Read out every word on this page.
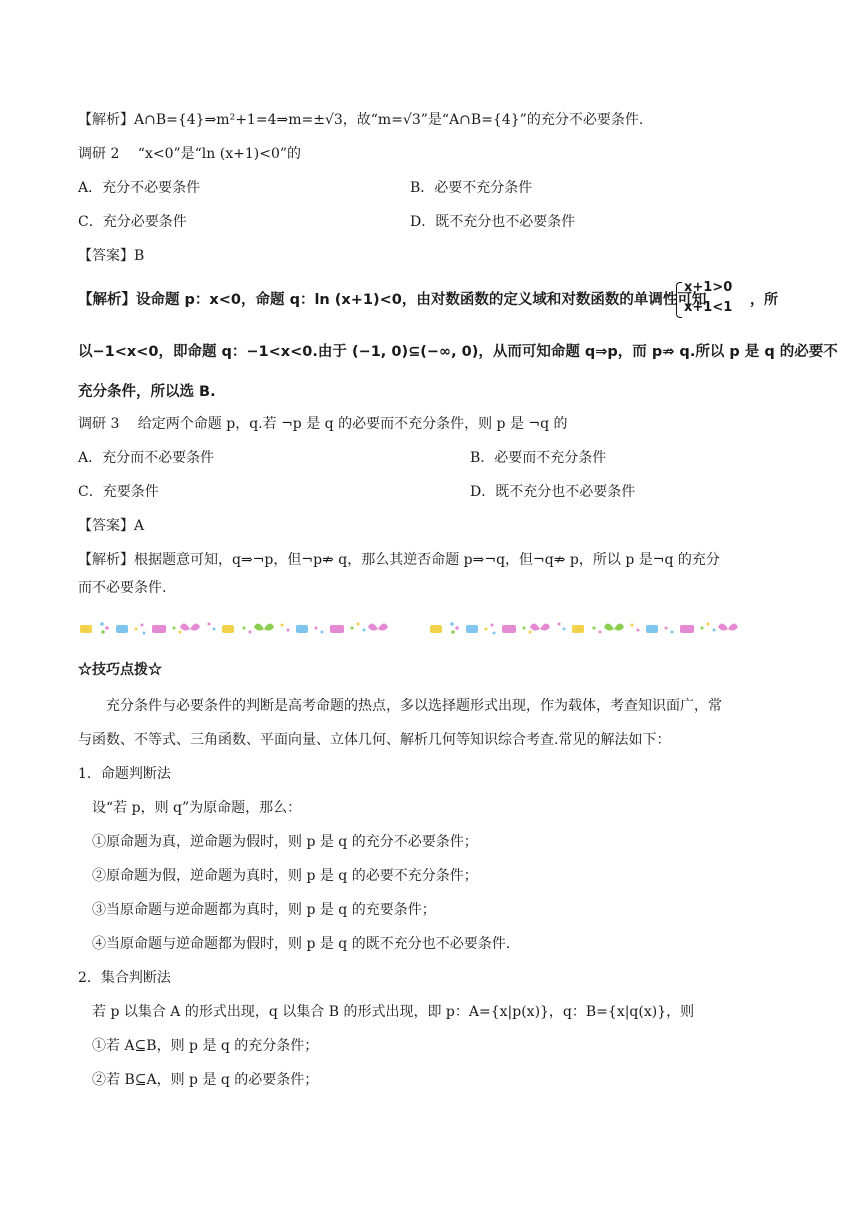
【解析】A∩B={4}⇒m²+1=4⇒m=±√3，故“m=√3”是“A∩B={4}”的充分不必要条件.
调研 2 　“x<0”是“ln (x+1)<0”的
A．充分不必要条件	B．必要不充分条件
C．充分必要条件	D．既不充分也不必要条件
【答案】B
【解析】设命题 p：x<0，命题 q：ln (x+1)<0，由对数函数的定义域和对数函数的单调性可知
x+1>0
x+1<1 ，所
以−1<x<0，即命题 q：−1<x<0.由于 (−1, 0)⊆(−∞, 0)，从而可知命题 q⇒p，而 p⇏ q.所以 p 是 q 的必要不
充分条件，所以选 B.
调研 3 　给定两个命题 p，q.若 ¬p 是 q 的必要而不充分条件，则 p 是 ¬q 的
A．充分而不必要条件	B．必要而不充分条件
C．充要条件	D．既不充分也不必要条件
【答案】A
【解析】根据题意可知，q⇒¬p，但¬p⇏ q，那么其逆否命题 p⇒¬q，但¬q⇏ p，所以 p 是¬q 的充分
而不必要条件.
☆技巧点拨☆
充分条件与必要条件的判断是高考命题的热点，多以选择题形式出现，作为载体，考查知识面广，常
与函数、不等式、三角函数、平面向量、立体几何、解析几何等知识综合考查.常见的解法如下：
1．命题判断法
设“若 p，则 q”为原命题，那么：
①原命题为真，逆命题为假时，则 p 是 q 的充分不必要条件；
②原命题为假，逆命题为真时，则 p 是 q 的必要不充分条件；
③当原命题与逆命题都为真时，则 p 是 q 的充要条件；
④当原命题与逆命题都为假时，则 p 是 q 的既不充分也不必要条件.
2．集合判断法
若 p 以集合 A 的形式出现，q 以集合 B 的形式出现，即 p：A={x|p(x)}，q：B={x|q(x)}，则
①若 A⊆B，则 p 是 q 的充分条件；
②若 B⊆A，则 p 是 q 的必要条件；
